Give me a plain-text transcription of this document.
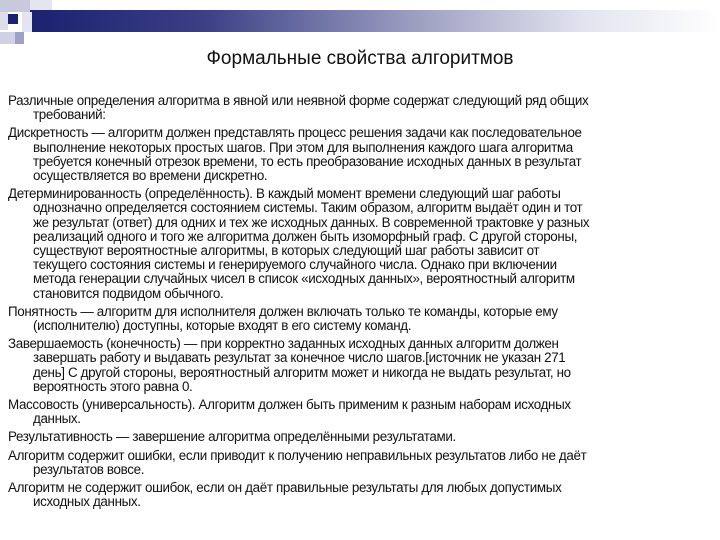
Формальные свойства алгоритмов
Различные определения алгоритма в явной или неявной форме содержат следующий ряд общих
требований:
Дискретность — алгоритм должен представлять процесс решения задачи как последовательное
выполнение некоторых простых шагов. При этом для выполнения каждого шага алгоритма
требуется конечный отрезок времени, то есть преобразование исходных данных в результат
осуществляется во времени дискретно.
Детерминированность (определённость). В каждый момент времени следующий шаг работы
однозначно определяется состоянием системы. Таким образом, алгоритм выдаёт один и тот
же результат (ответ) для одних и тех же исходных данных. В современной трактовке у разных
реализаций одного и того же алгоритма должен быть изоморфный граф. С другой стороны,
существуют вероятностные алгоритмы, в которых следующий шаг работы зависит от
текущего состояния системы и генерируемого случайного числа. Однако при включении
метода генерации случайных чисел в список «исходных данных», вероятностный алгоритм
становится подвидом обычного.
Понятность — алгоритм для исполнителя должен включать только те команды, которые ему
(исполнителю) доступны, которые входят в его систему команд.
Завершаемость (конечность) — при корректно заданных исходных данных алгоритм должен
завершать работу и выдавать результат за конечное число шагов.[источник не указан 271
день] С другой стороны, вероятностный алгоритм может и никогда не выдать результат, но
вероятность этого равна 0.
Массовость (универсальность). Алгоритм должен быть применим к разным наборам исходных
данных.
Результативность — завершение алгоритма определёнными результатами.
Алгоритм содержит ошибки, если приводит к получению неправильных результатов либо не даёт
результатов вовсе.
Алгоритм не содержит ошибок, если он даёт правильные результаты для любых допустимых
исходных данных.
